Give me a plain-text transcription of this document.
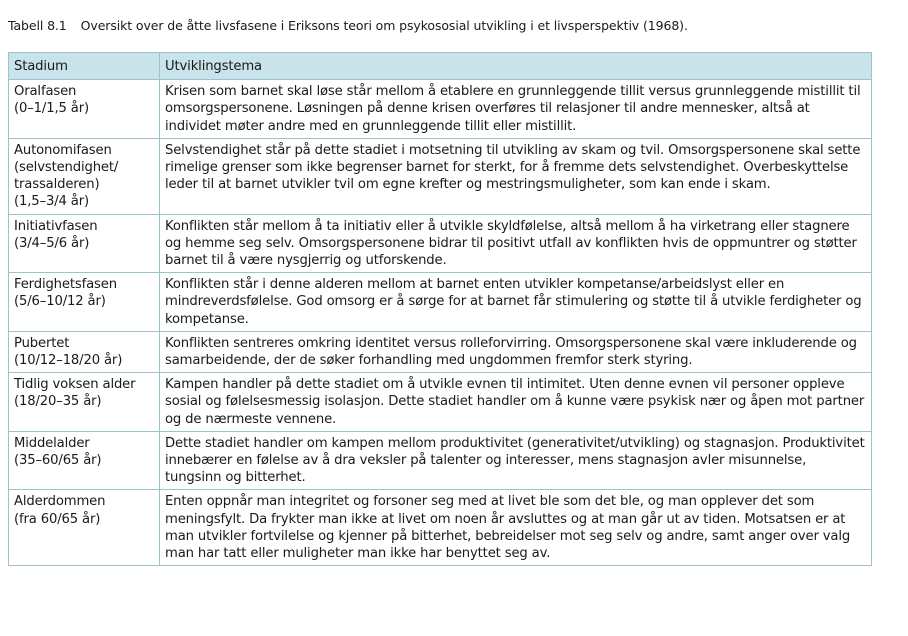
Tabell 8.1 Oversikt over de åtte livsfasene i Eriksons teori om psykososial utvikling i et livsperspektiv (1968).
Stadium	Utviklingstema

Oralfasen
(0–1/1,5 år)	Krisen som barnet skal løse står mellom å etablere en grunnleggende tillit versus grunnleggende mistillit til omsorgspersonene. Løsningen på denne krisen overføres til relasjoner til andre mennesker, altså at individet møter andre med en grunnleggende tillit eller mistillit.

Autonomifasen (selvstendighet/ trassalderen)
(1,5–3/4 år)	Selvstendighet står på dette stadiet i motsetning til utvikling av skam og tvil. Omsorgspersonene skal sette rimelige grenser som ikke begrenser barnet for sterkt, for å fremme dets selvstendighet. Overbeskyttelse leder til at barnet utvikler tvil om egne krefter og mestringsmuligheter, som kan ende i skam.

Initiativfasen
(3/4–5/6 år)	Konflikten står mellom å ta initiativ eller å utvikle skyldfølelse, altså mellom å ha virketrang eller stagnere og hemme seg selv. Omsorgspersonene bidrar til positivt utfall av konflikten hvis de oppmuntrer og støtter barnet til å være nysgjerrig og utforskende.

Ferdighetsfasen
(5/6–10/12 år)	Konflikten står i denne alderen mellom at barnet enten utvikler kompetanse/arbeidslyst eller en mindreverdsfølelse. God omsorg er å sørge for at barnet får stimulering og støtte til å utvikle ferdigheter og kompetanse.

Pubertet
(10/12–18/20 år)	Konflikten sentreres omkring identitet versus rolleforvirring. Omsorgspersonene skal være inkluderende og samarbeidende, der de søker forhandling med ungdommen fremfor sterk styring.

Tidlig voksen alder
(18/20–35 år)	Kampen handler på dette stadiet om å utvikle evnen til intimitet. Uten denne evnen vil personer oppleve sosial og følelsesmessig isolasjon. Dette stadiet handler om å kunne være psykisk nær og åpen mot partner og de nærmeste vennene.

Middelalder
(35–60/65 år)	Dette stadiet handler om kampen mellom produktivitet (generativitet/utvikling) og stagnasjon. Produktivitet innebærer en følelse av å dra veksler på talenter og interesser, mens stagnasjon avler misunnelse, tungsinn og bitterhet.

Alderdommen
(fra 60/65 år)	Enten oppnår man integritet og forsoner seg med at livet ble som det ble, og man opplever det som meningsfylt. Da frykter man ikke at livet om noen år avsluttes og at man går ut av tiden. Motsatsen er at man utvikler fortvilelse og kjenner på bitterhet, bebreidelser mot seg selv og andre, samt anger over valg man har tatt eller muligheter man ikke har benyttet seg av.
